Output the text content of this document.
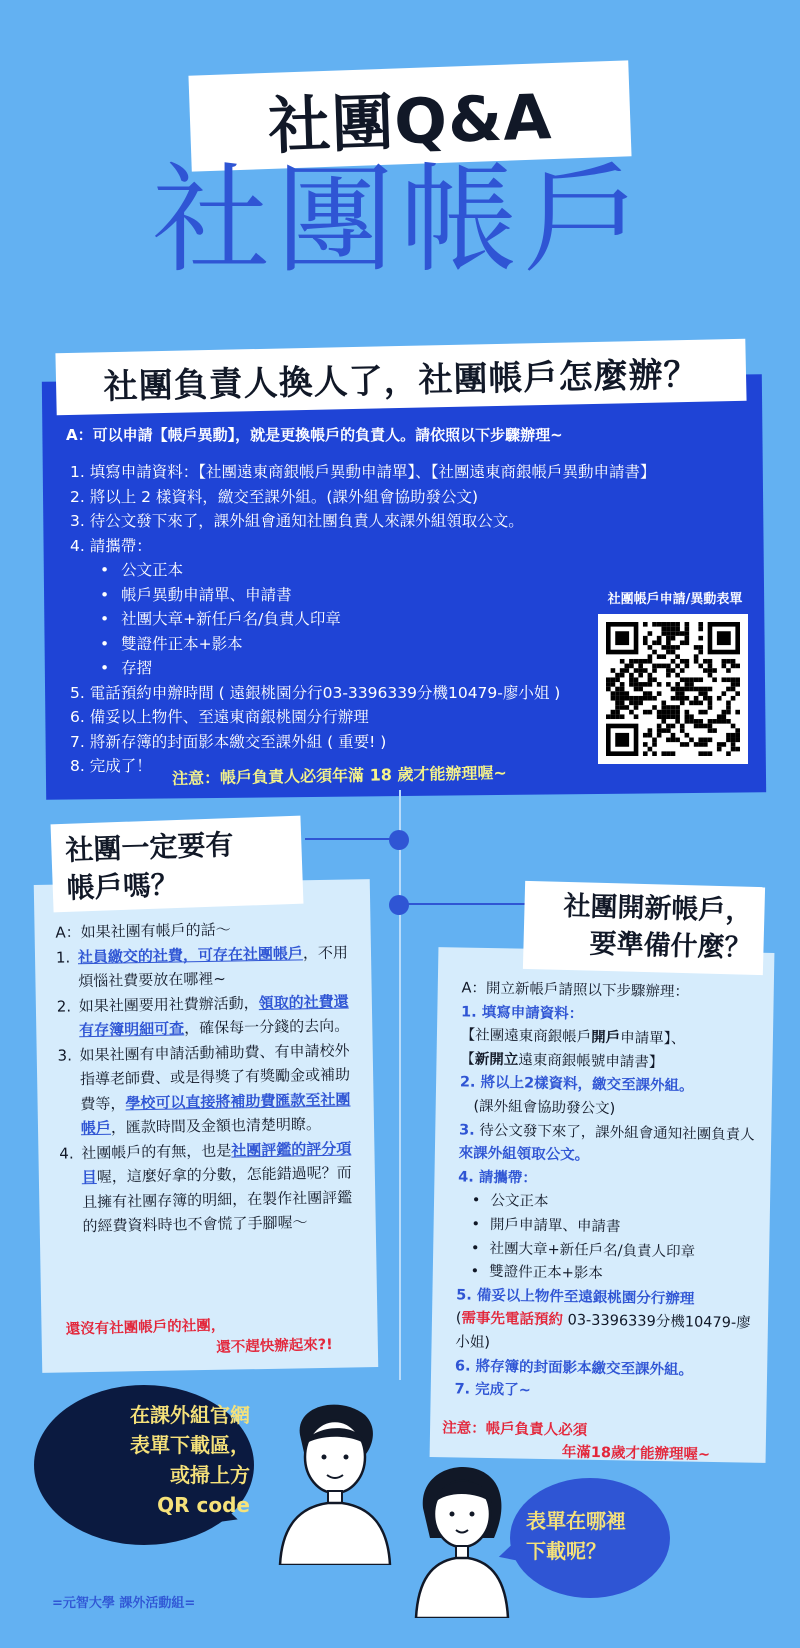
社團Q&A
社團帳戶
社團負責人換人了，社團帳戶怎麼辦？
A：可以申請【帳戶異動】，就是更換帳戶的負責人。請依照以下步驟辦理~
1. 填寫申請資料：【社團遠東商銀帳戶異動申請單】、【社團遠東商銀帳戶異動申請書】
2. 將以上 2 樣資料，繳交至課外組。(課外組會協助發公文)
3. 待公文發下來了，課外組會通知社團負責人來課外組領取公文。
4. 請攜帶：
• 公文正本
• 帳戶異動申請單、申請書
• 社團大章+新任戶名/負責人印章
• 雙證件正本+影本
• 存摺
5. 電話預約申辦時間 ( 遠銀桃園分行03-3396339分機10479-廖小姐 )
6. 備妥以上物件、至遠東商銀桃園分行辦理
7. 將新存簿的封面影本繳交至課外組 ( 重要! )
8. 完成了！
社團帳戶申請/異動表單
注意：帳戶負責人必須年滿 18 歲才能辦理喔~
社團一定要有
帳戶嗎？
A：如果社團有帳戶的話～
1. 社員繳交的社費，可存在社團帳戶，不用煩惱社費要放在哪裡~
2. 如果社團要用社費辦活動，領取的社費還有存簿明細可查，確保每一分錢的去向。
3. 如果社團有申請活動補助費、有申請校外指導老師費、或是得獎了有獎勵金或補助費等，學校可以直接將補助費匯款至社團帳戶，匯款時間及金額也清楚明瞭。
4. 社團帳戶的有無，也是社團評鑑的評分項目喔，這麼好拿的分數，怎能錯過呢？而且擁有社團存簿的明細，在製作社團評鑑的經費資料時也不會慌了手腳喔～
還沒有社團帳戶的社團，
還不趕快辦起來?!
社團開新帳戶，
要準備什麼？
A：開立新帳戶請照以下步驟辦理：
1. 填寫申請資料：
【社團遠東商銀帳戶開戶申請單】、
【新開立遠東商銀帳號申請書】
2. 將以上2樣資料，繳交至課外組。
(課外組會協助發公文)
3. 待公文發下來了，課外組會通知社團負責人來課外組領取公文。
4. 請攜帶：
• 公文正本
• 開戶申請單、申請書
• 社團大章+新任戶名/負責人印章
• 雙證件正本+影本
5. 備妥以上物件至遠銀桃園分行辦理
(需事先電話預約 03-3396339分機10479-廖小姐)
6. 將存簿的封面影本繳交至課外組。
7. 完成了~
注意：帳戶負責人必須
年滿18歲才能辦理喔~
在課外組官網
表單下載區，
或掃上方
QR code
表單在哪裡
下載呢？
=元智大學 課外活動組=
